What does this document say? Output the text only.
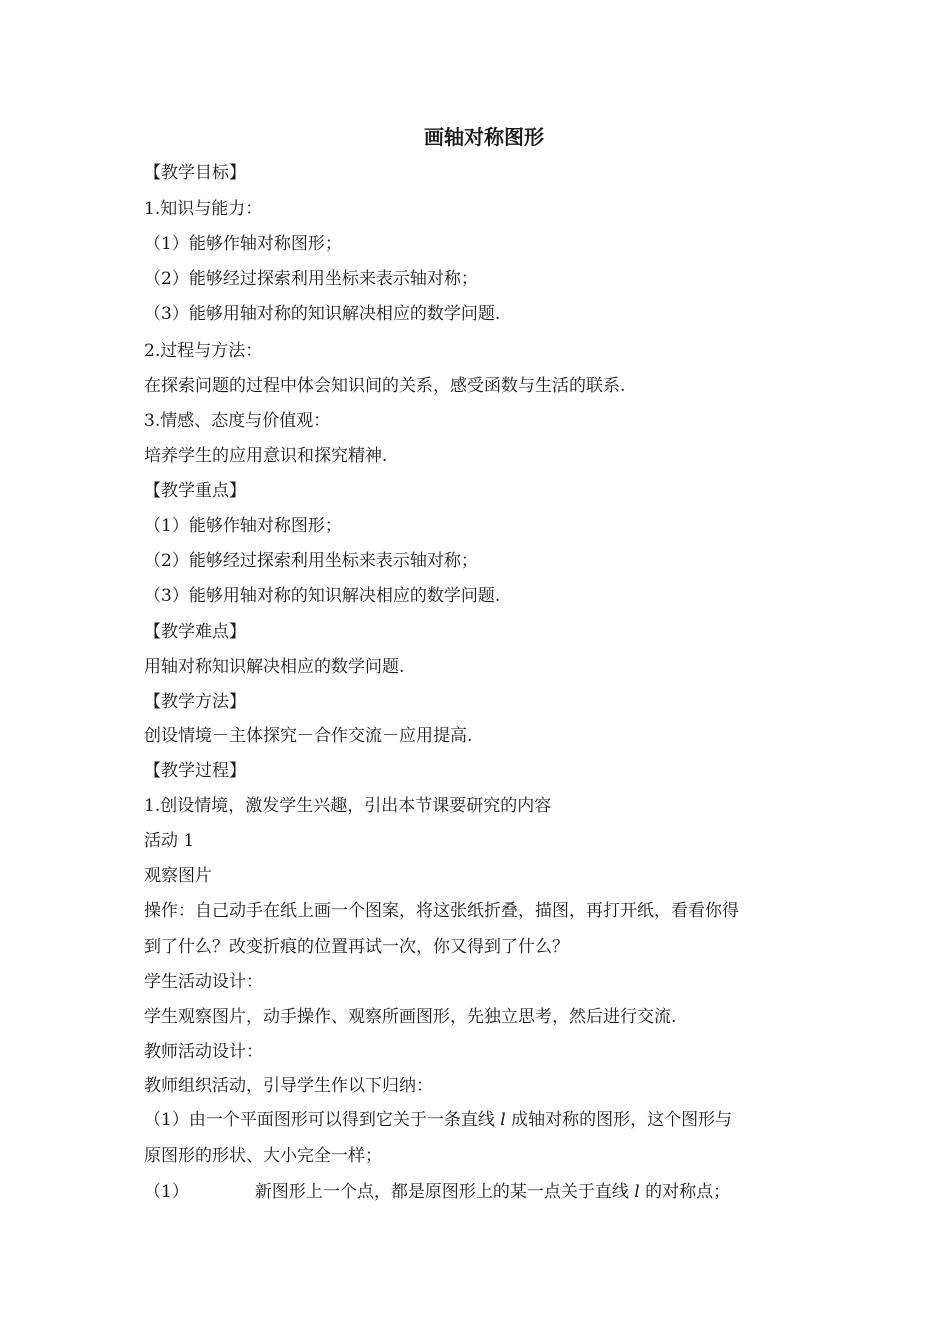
画轴对称图形

【教学目标】

1.知识与能力：

（1）能够作轴对称图形；

（2）能够经过探索利用坐标来表示轴对称；

（3）能够用轴对称的知识解决相应的数学问题.

2.过程与方法：

在探索问题的过程中体会知识间的关系，感受函数与生活的联系.

3.情感、态度与价值观：

培养学生的应用意识和探究精神.

【教学重点】

（1）能够作轴对称图形；

（2）能够经过探索利用坐标来表示轴对称；

（3）能够用轴对称的知识解决相应的数学问题.

【教学难点】

用轴对称知识解决相应的数学问题.

【教学方法】

创设情境－主体探究－合作交流－应用提高.

【教学过程】

1.创设情境，激发学生兴趣，引出本节课要研究的内容

活动 1

观察图片

操作：自己动手在纸上画一个图案，将这张纸折叠，描图，再打开纸，看看你得

到了什么？改变折痕的位置再试一次，你又得到了什么？

学生活动设计：

学生观察图片，动手操作、观察所画图形，先独立思考，然后进行交流.

教师活动设计：

教师组织活动，引导学生作以下归纳：

（1）由一个平面图形可以得到它关于一条直线 l 成轴对称的图形，这个图形与

原图形的形状、大小完全一样；

（1）	新图形上一个点，都是原图形上的某一点关于直线 l 的对称点；
